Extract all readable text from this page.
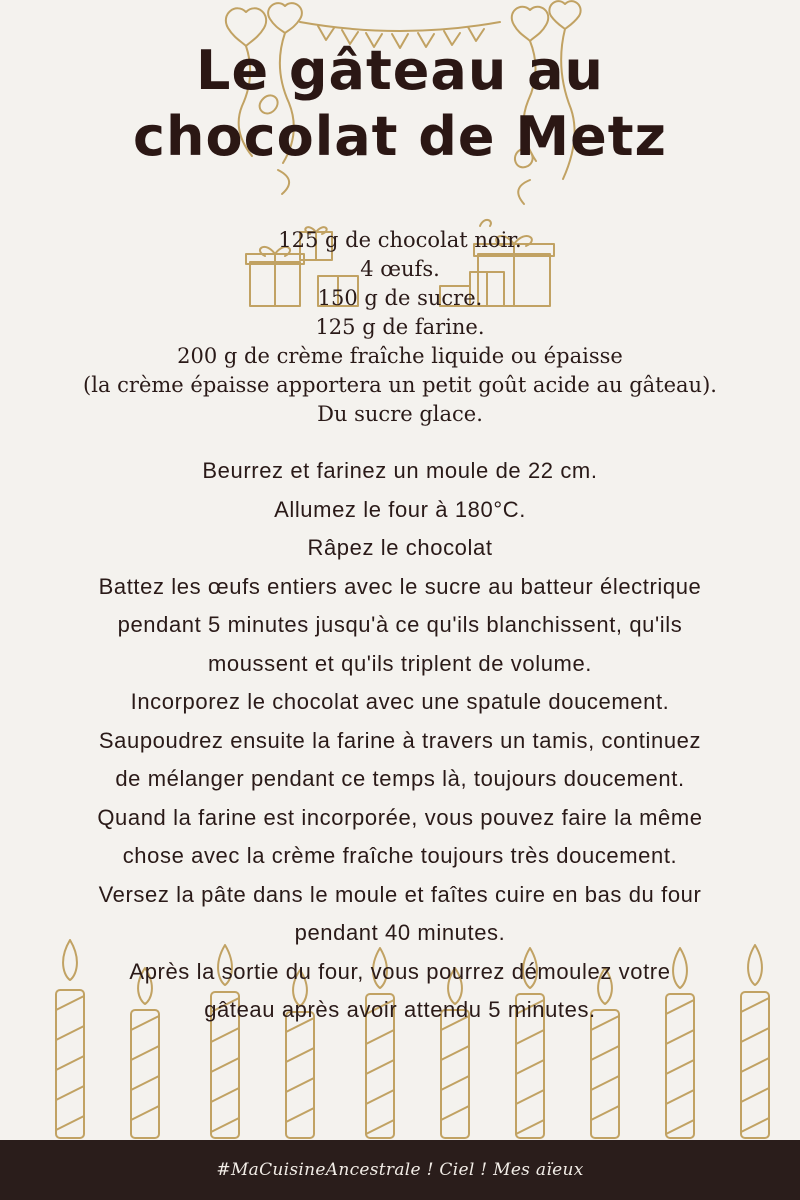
Le gâteau au
chocolat de Metz
125 g de chocolat noir.
4 œufs.
150 g de sucre.
125 g de farine.
200 g de crème fraîche liquide ou épaisse
(la crème épaisse apportera un petit goût acide au gâteau).
Du sucre glace.
Beurrez et farinez un moule de 22 cm.
Allumez le four à 180°C.
Râpez le chocolat
Battez les œufs entiers avec le sucre au batteur électrique
pendant 5 minutes jusqu'à ce qu'ils blanchissent, qu'ils
moussent et qu'ils triplent de volume.
Incorporez le chocolat avec une spatule doucement.
Saupoudrez ensuite la farine à travers un tamis, continuez
de mélanger pendant ce temps là, toujours doucement.
Quand la farine est incorporée, vous pouvez faire la même
chose avec la crème fraîche toujours très doucement.
Versez la pâte dans le moule et faîtes cuire en bas du four
pendant 40 minutes.
Après la sortie du four, vous pourrez démoulez votre
gâteau après avoir attendu 5 minutes.
#MaCuisineAncestrale ! Ciel ! Mes aïeux
